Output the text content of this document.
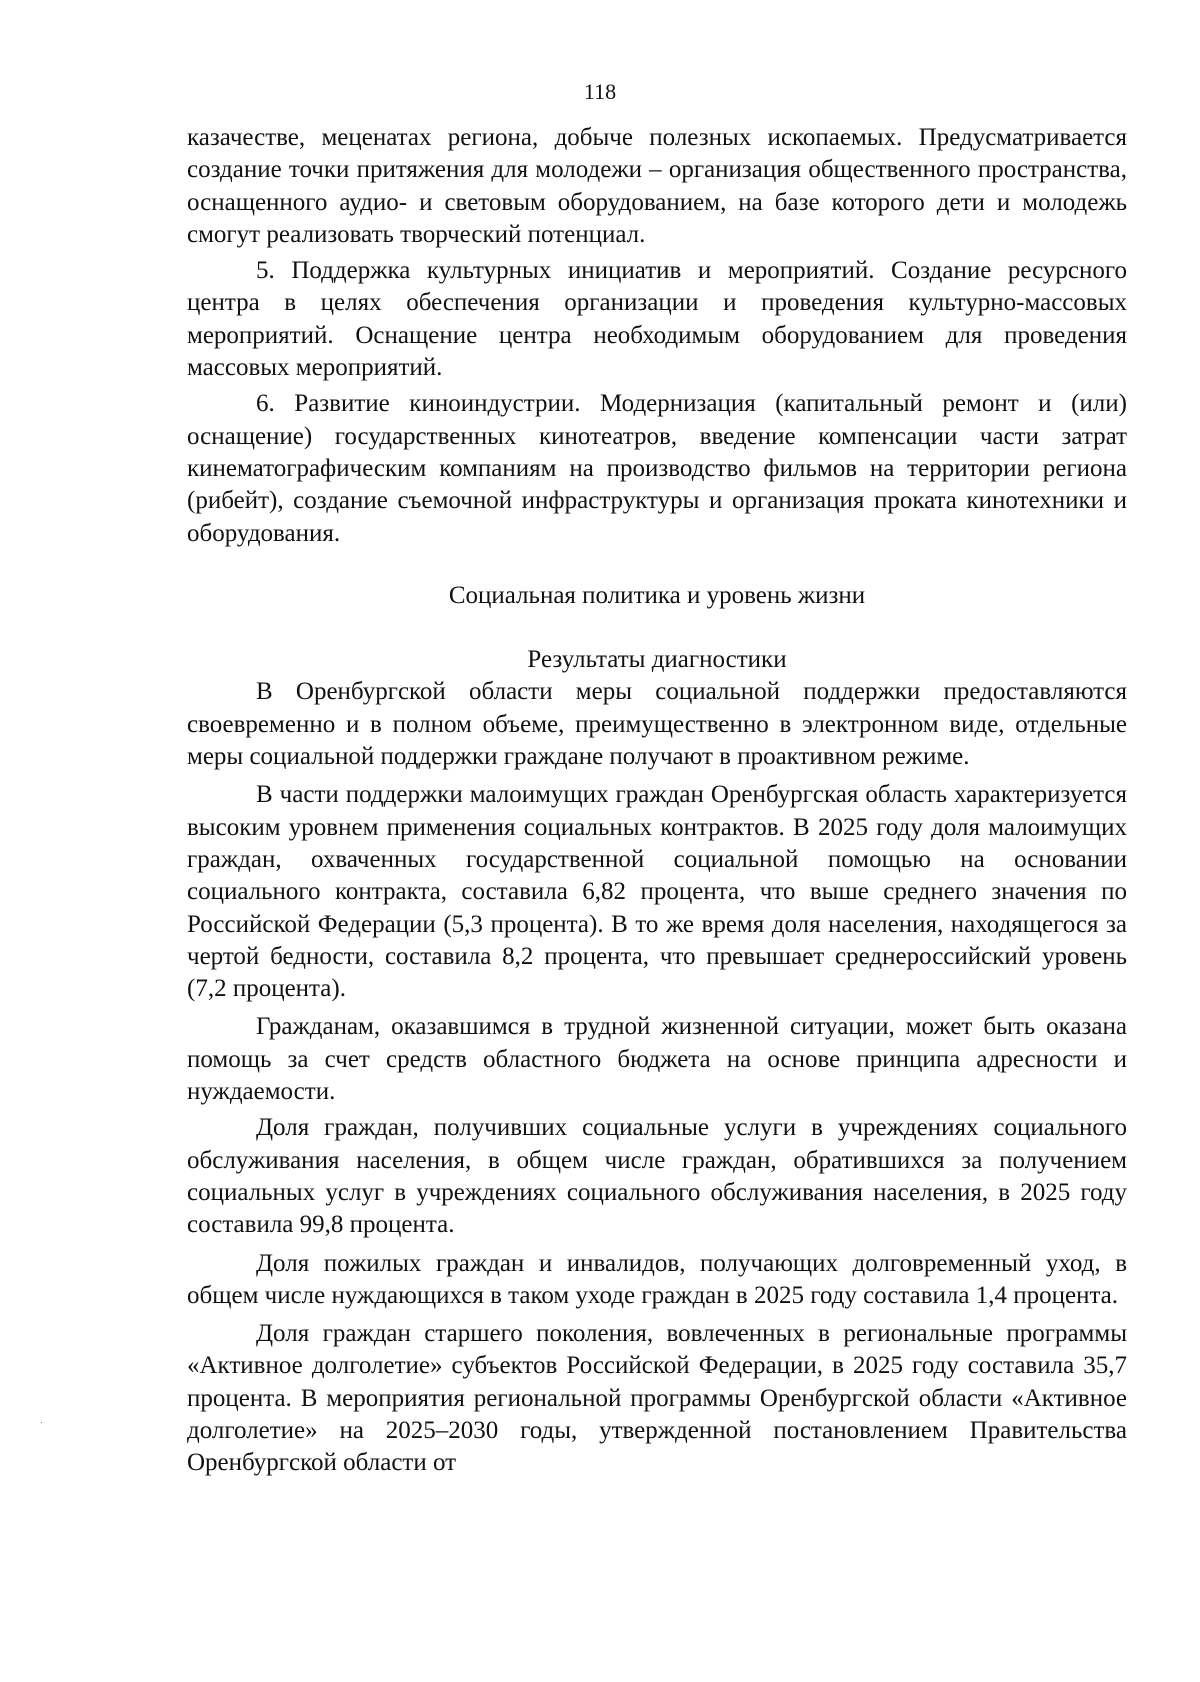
118

казачестве, меценатах региона, добыче полезных ископаемых. Предусматривается создание точки притяжения для молодежи – организация общественного пространства, оснащенного аудио- и световым оборудованием, на базе которого дети и молодежь смогут реализовать творческий потенциал.

5. Поддержка культурных инициатив и мероприятий. Создание ресурсного центра в целях обеспечения организации и проведения культурно-массовых мероприятий. Оснащение центра необходимым оборудованием для проведения массовых мероприятий.

6. Развитие киноиндустрии. Модернизация (капитальный ремонт и (или) оснащение) государственных кинотеатров, введение компенсации части затрат кинематографическим компаниям на производство фильмов на территории региона (рибейт), создание съемочной инфраструктуры и организация проката кинотехники и оборудования.

Социальная политика и уровень жизни

Результаты диагностики

В Оренбургской области меры социальной поддержки предоставляются своевременно и в полном объеме, преимущественно в электронном виде, отдельные меры социальной поддержки граждане получают в проактивном режиме.

В части поддержки малоимущих граждан Оренбургская область характеризуется высоким уровнем применения социальных контрактов. В 2025 году доля малоимущих граждан, охваченных государственной социальной помощью на основании социального контракта, составила 6,82 процента, что выше среднего значения по Российской Федерации (5,3 процента). В то же время доля населения, находящегося за чертой бедности, составила 8,2 процента, что превышает среднероссийский уровень (7,2 процента).

Гражданам, оказавшимся в трудной жизненной ситуации, может быть оказана помощь за счет средств областного бюджета на основе принципа адресности и нуждаемости.

Доля граждан, получивших социальные услуги в учреждениях социального обслуживания населения, в общем числе граждан, обратившихся за получением социальных услуг в учреждениях социального обслуживания населения, в 2025 году составила 99,8 процента.

Доля пожилых граждан и инвалидов, получающих долговременный уход, в общем числе нуждающихся в таком уходе граждан в 2025 году составила 1,4 процента.

Доля граждан старшего поколения, вовлеченных в региональные программы «Активное долголетие» субъектов Российской Федерации, в 2025 году составила 35,7 процента. В мероприятия региональной программы Оренбургской области «Активное долголетие» на 2025–2030 годы, утвержденной постановлением Правительства Оренбургской области от
